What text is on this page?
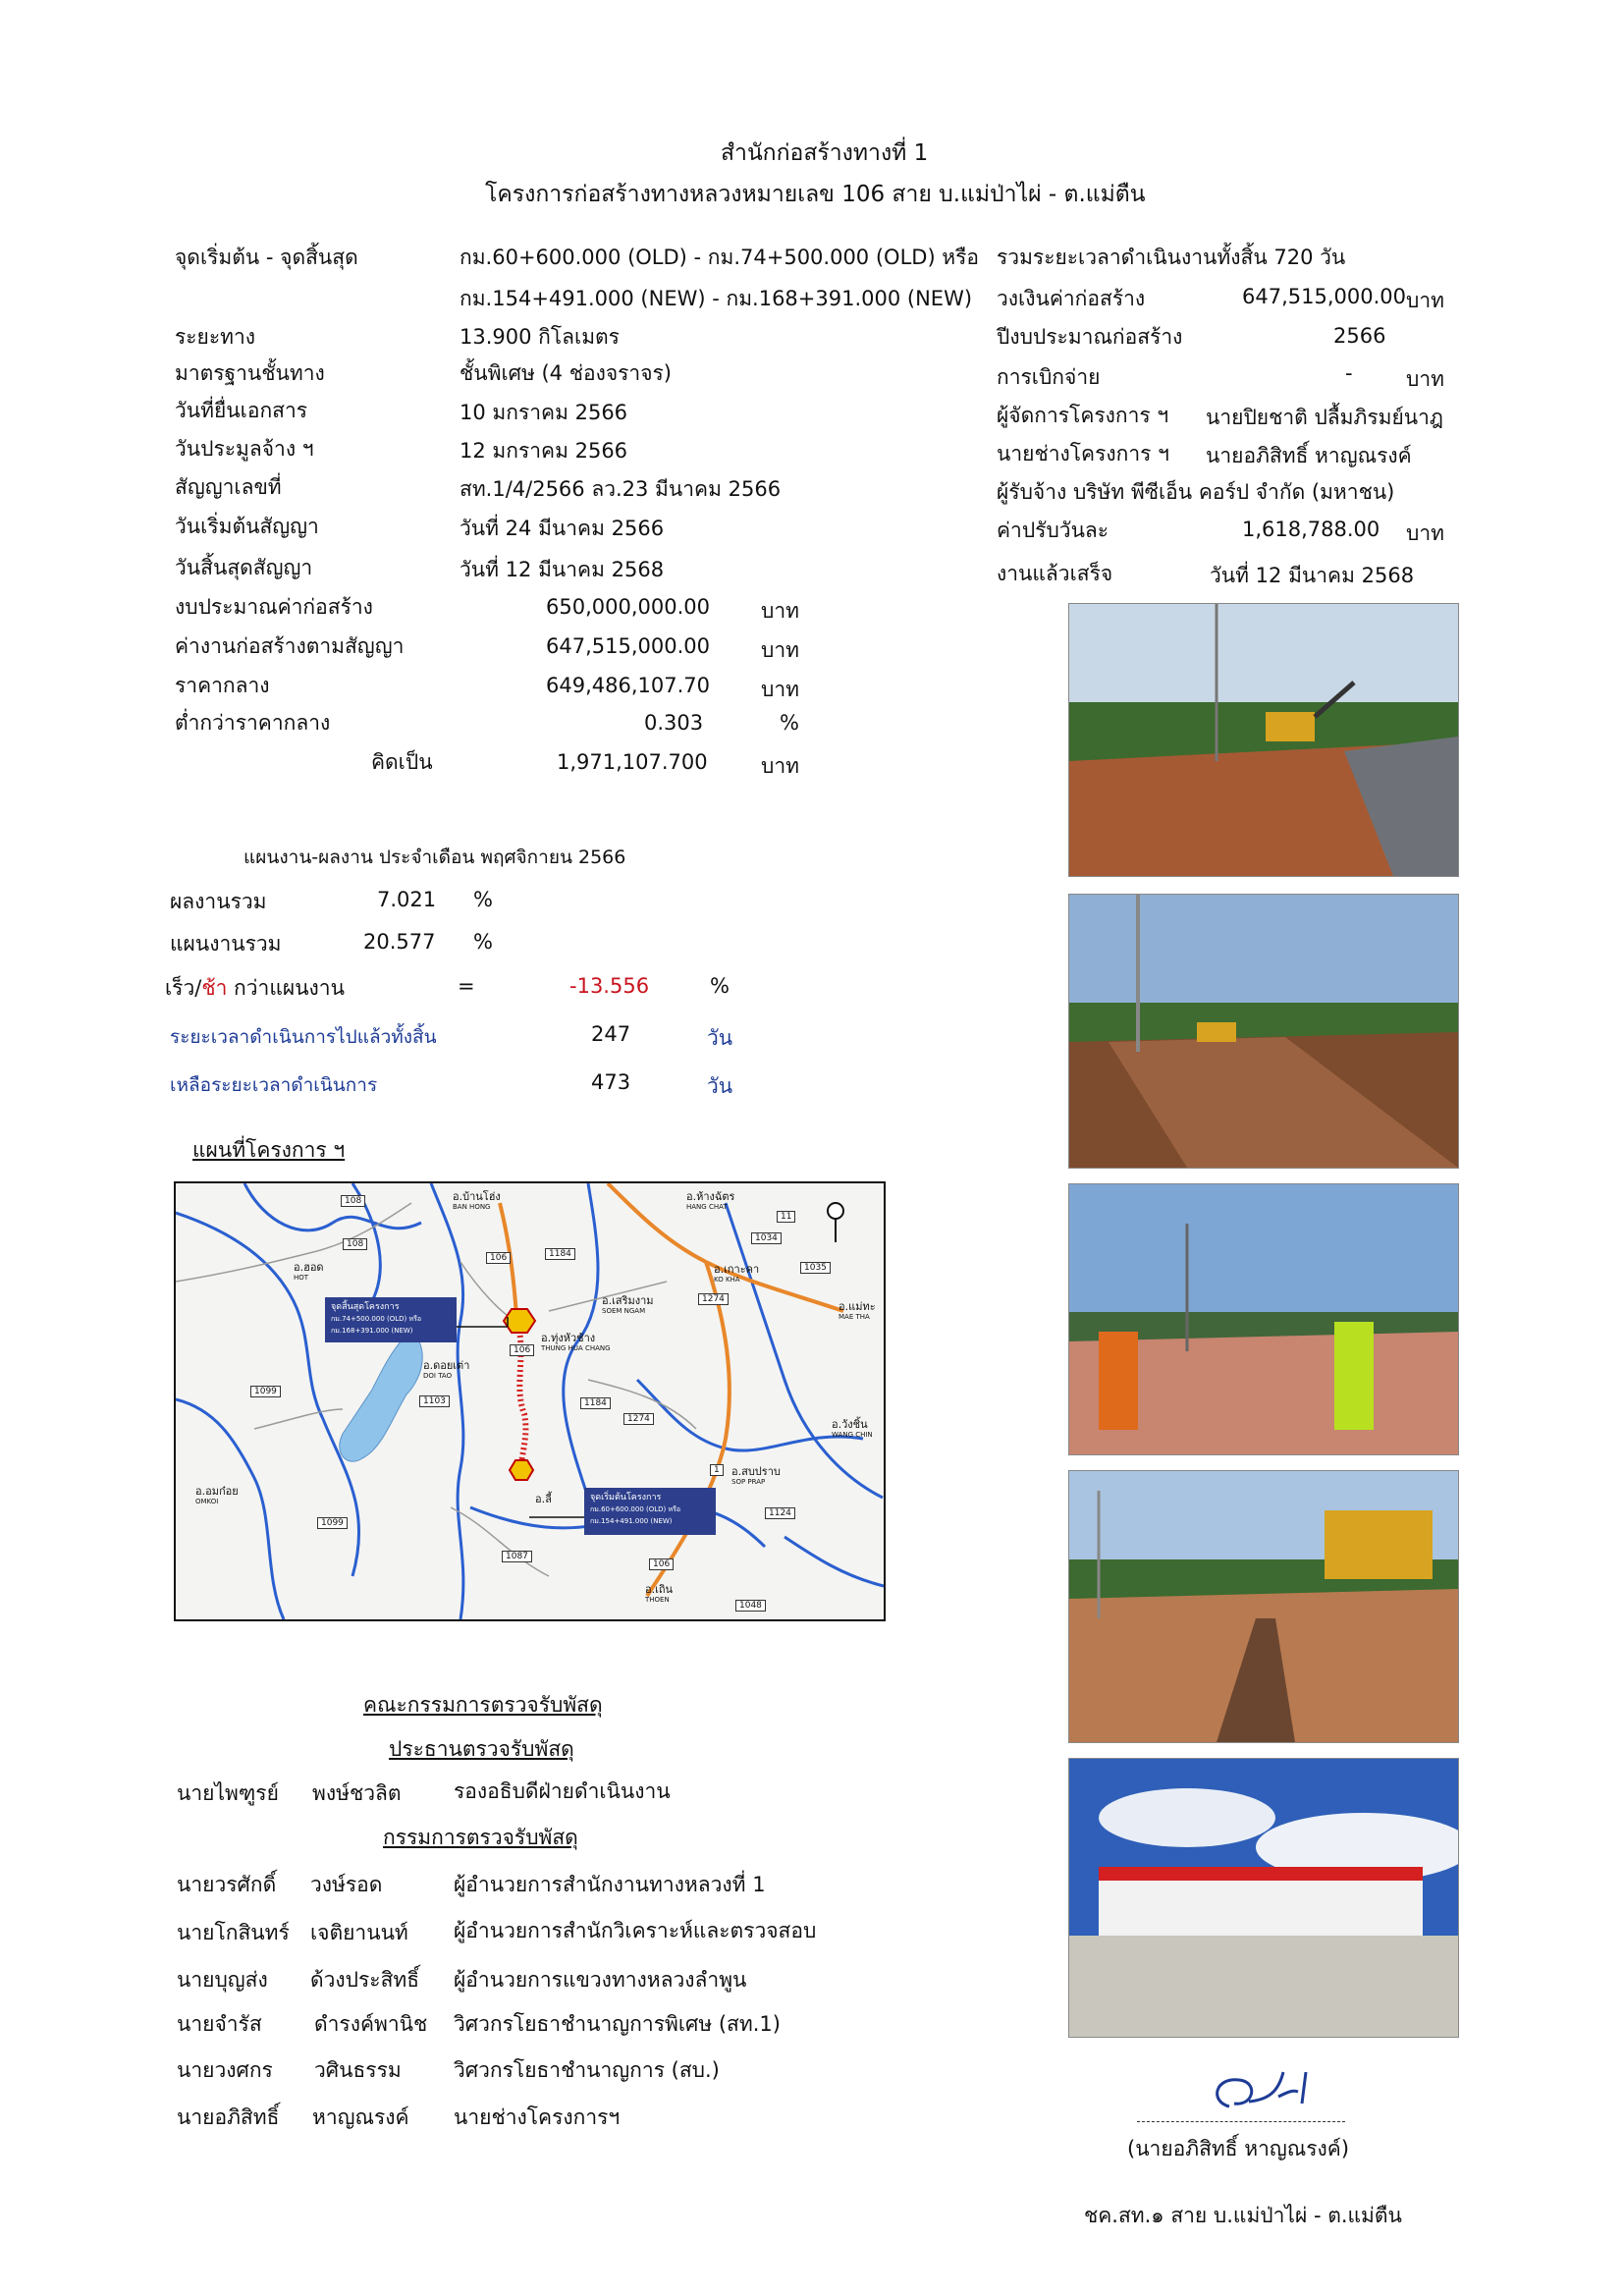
สำนักก่อสร้างทางที่ 1
โครงการก่อสร้างทางหลวงหมายเลข 106 สาย บ.แม่ป่าไผ่ - ต.แม่ตืน
จุดเริ่มต้น - จุดสิ้นสุด	กม.60+600.000 (OLD) - กม.74+500.000 (OLD) หรือ
กม.154+491.000 (NEW) - กม.168+391.000 (NEW)
ระยะทาง	13.900 กิโลเมตร
มาตรฐานชั้นทาง	ชั้นพิเศษ (4 ช่องจราจร)
วันที่ยื่นเอกสาร	10 มกราคม 2566
วันประมูลจ้าง ฯ	12 มกราคม 2566
สัญญาเลขที่	สท.1/4/2566 ลว.23 มีนาคม 2566
วันเริ่มต้นสัญญา	วันที่ 24 มีนาคม 2566
วันสิ้นสุดสัญญา	วันที่ 12 มีนาคม 2568
รวมระยะเวลาดำเนินงานทั้งสิ้น 720 วัน
วงเงินค่าก่อสร้าง	647,515,000.00 บาท
ปีงบประมาณก่อสร้าง	2566
การเบิกจ่าย	-	บาท
ผู้จัดการโครงการ ฯ นายปิยชาติ ปลื้มภิรมย์นาฎ
นายช่างโครงการ ฯ นายอภิสิทธิ์ หาญณรงค์
ผู้รับจ้าง บริษัท พีซีเอ็น คอร์ป จำกัด (มหาชน)
ค่าปรับวันละ	1,618,788.00 บาท
งานแล้วเสร็จ	วันที่ 12 มีนาคม 2568
งบประมาณค่าก่อสร้าง	650,000,000.00 บาท
ค่างานก่อสร้างตามสัญญา	647,515,000.00 บาท
ราคากลาง	649,486,107.70 บาท
ต่ำกว่าราคากลาง	0.303	%
คิดเป็น	1,971,107.700	บาท
แผนงาน-ผลงาน ประจำเดือน พฤศจิกายน 2566
ผลงานรวม	7.021 %
แผนงานรวม	20.577 %
เร็ว/ช้า กว่าแผนงาน	=	-13.556	%
ระยะเวลาดำเนินการไปแล้วทั้งสิ้น	247	วัน
เหลือระยะเวลาดำเนินการ	473	วัน
แผนที่โครงการ ฯ
จุดสิ้นสุดโครงการ
กม.74+500.000 (OLD) หรือ
กม.168+391.000 (NEW)
จุดเริ่มต้นโครงการ
กม.60+600.000 (OLD) หรือ
กม.154+491.000 (NEW)
อ.บ้านโฮ่ง
BAN HONG
อ.ห้างฉัตร
HANG CHAT
อ.ฮอด
HOT
อ.เกาะคา
KO KHA
อ.เสริมงาม
SOEM NGAM	อ.แม่ทะ
MAE THA
อ.ทุ่งหัวช้าง
THUNG HUA CHANG
อ.ดอยเต่า
DOI TAO
อ.วังชิ้น
WANG CHIN
อ.สบปราบ
SOP PRAP
อ.อมก๋อย
OMKOI	อ.ลี้
อ.เถิน
THOEN
108
1184
106
1034
1035
11
108
1274
1099
1103	1184
1274
1
106
1124
1099
1087
106
1048
คณะกรรมการตรวจรับพัสดุ
ประธานตรวจรับพัสดุ
นายไพฑูรย์ พงษ์ชวลิต	รองอธิบดีฝ่ายดำเนินงาน
กรรมการตรวจรับพัสดุ
นายวรศักดิ์ วงษ์รอด	ผู้อำนวยการสำนักงานทางหลวงที่ 1
นายโกสินทร์ เจติยานนท์ ผู้อำนวยการสำนักวิเคราะห์และตรวจสอบ
นายบุญส่ง ด้วงประสิทธิ์ ผู้อำนวยการแขวงทางหลวงลำพูน
นายจำรัส	ดำรงค์พานิช วิศวกรโยธาชำนาญการพิเศษ (สท.1)
นายวงศกร วศินธรรม	วิศวกรโยธาชำนาญการ (สบ.)
นายอภิสิทธิ์ หาญณรงค์ นายช่างโครงการฯ
(นายอภิสิทธิ์ หาญณรงค์)
ชค.สท.๑ สาย บ.แม่ป่าไผ่ - ต.แม่ตืน
